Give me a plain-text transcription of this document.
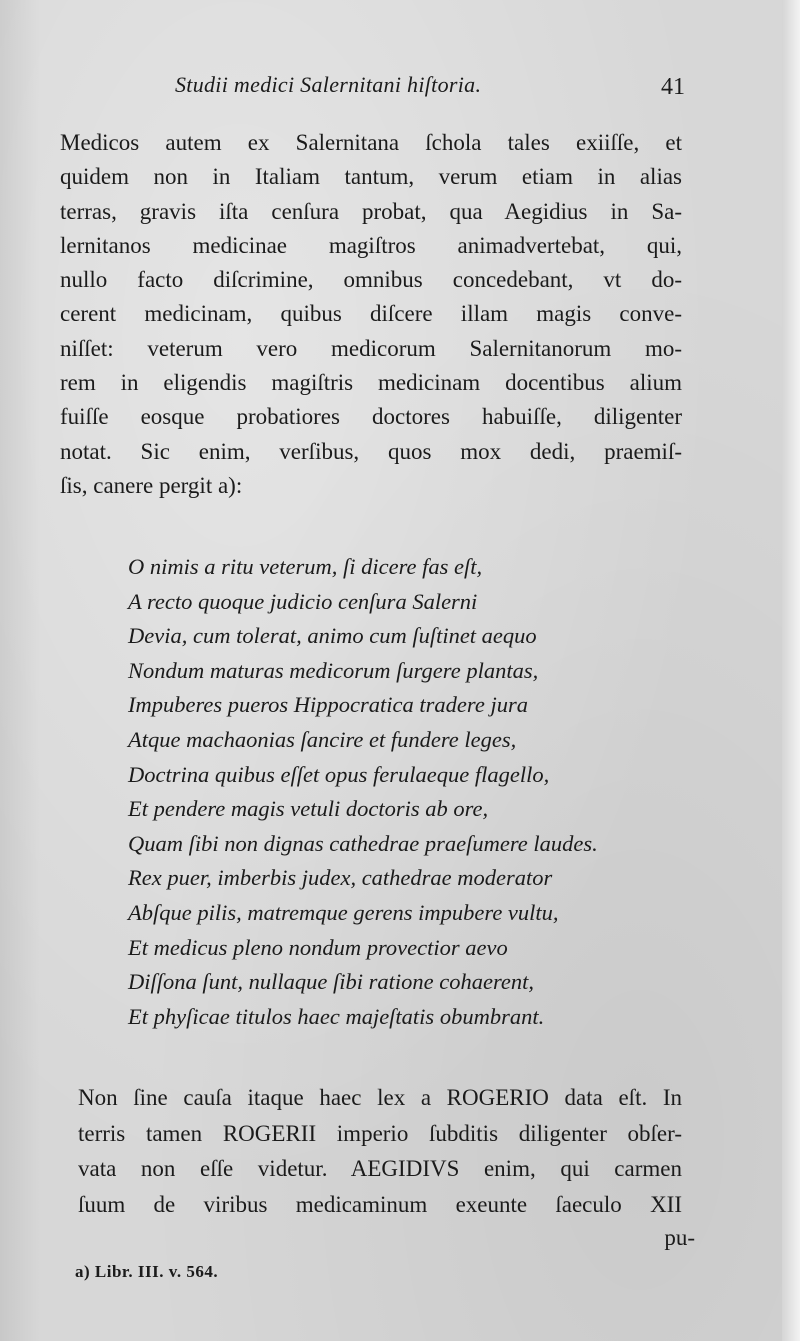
Studii medici Salernitani hiſtoria.	41
Medicos autem ex Salernitana ſchola tales exiiſſe, et
quidem non in Italiam tantum, verum etiam in alias
terras, gravis iſta cenſura probat, qua Aegidius in Sa-
lernitanos medicinae magiſtros animadvertebat, qui,
nullo facto diſcrimine, omnibus concedebant, vt do-
cerent medicinam, quibus diſcere illam magis conve-
niſſet: veterum vero medicorum Salernitanorum mo-
rem in eligendis magiſtris medicinam docentibus alium
fuiſſe eosque probatiores doctores habuiſſe, diligenter
notat. Sic enim, verſibus, quos mox dedi, praemiſ-
ſis, canere pergit a):
O nimis a ritu veterum, ſi dicere fas eſt,
A recto quoque judicio cenſura Salerni
Devia, cum tolerat, animo cum ſuſtinet aequo
Nondum maturas medicorum ſurgere plantas,
Impuberes pueros Hippocratica tradere jura
Atque machaonias ſancire et fundere leges,
Doctrina quibus eſſet opus ferulaeque flagello,
Et pendere magis vetuli doctoris ab ore,
Quam ſibi non dignas cathedrae praeſumere laudes.
Rex puer, imberbis judex, cathedrae moderator
Abſque pilis, matremque gerens impubere vultu,
Et medicus pleno nondum provectior aevo
Diſſona ſunt, nullaque ſibi ratione cohaerent,
Et phyſicae titulos haec majeſtatis obumbrant.
Non ſine cauſa itaque haec lex a ROGERIO data eſt. In
terris tamen ROGERII imperio ſubditis diligenter obſer-
vata non eſſe videtur. AEGIDIVS enim, qui carmen
ſuum de viribus medicaminum exeunte ſaeculo XII
pu-
a) Libr. III. v. 564.
